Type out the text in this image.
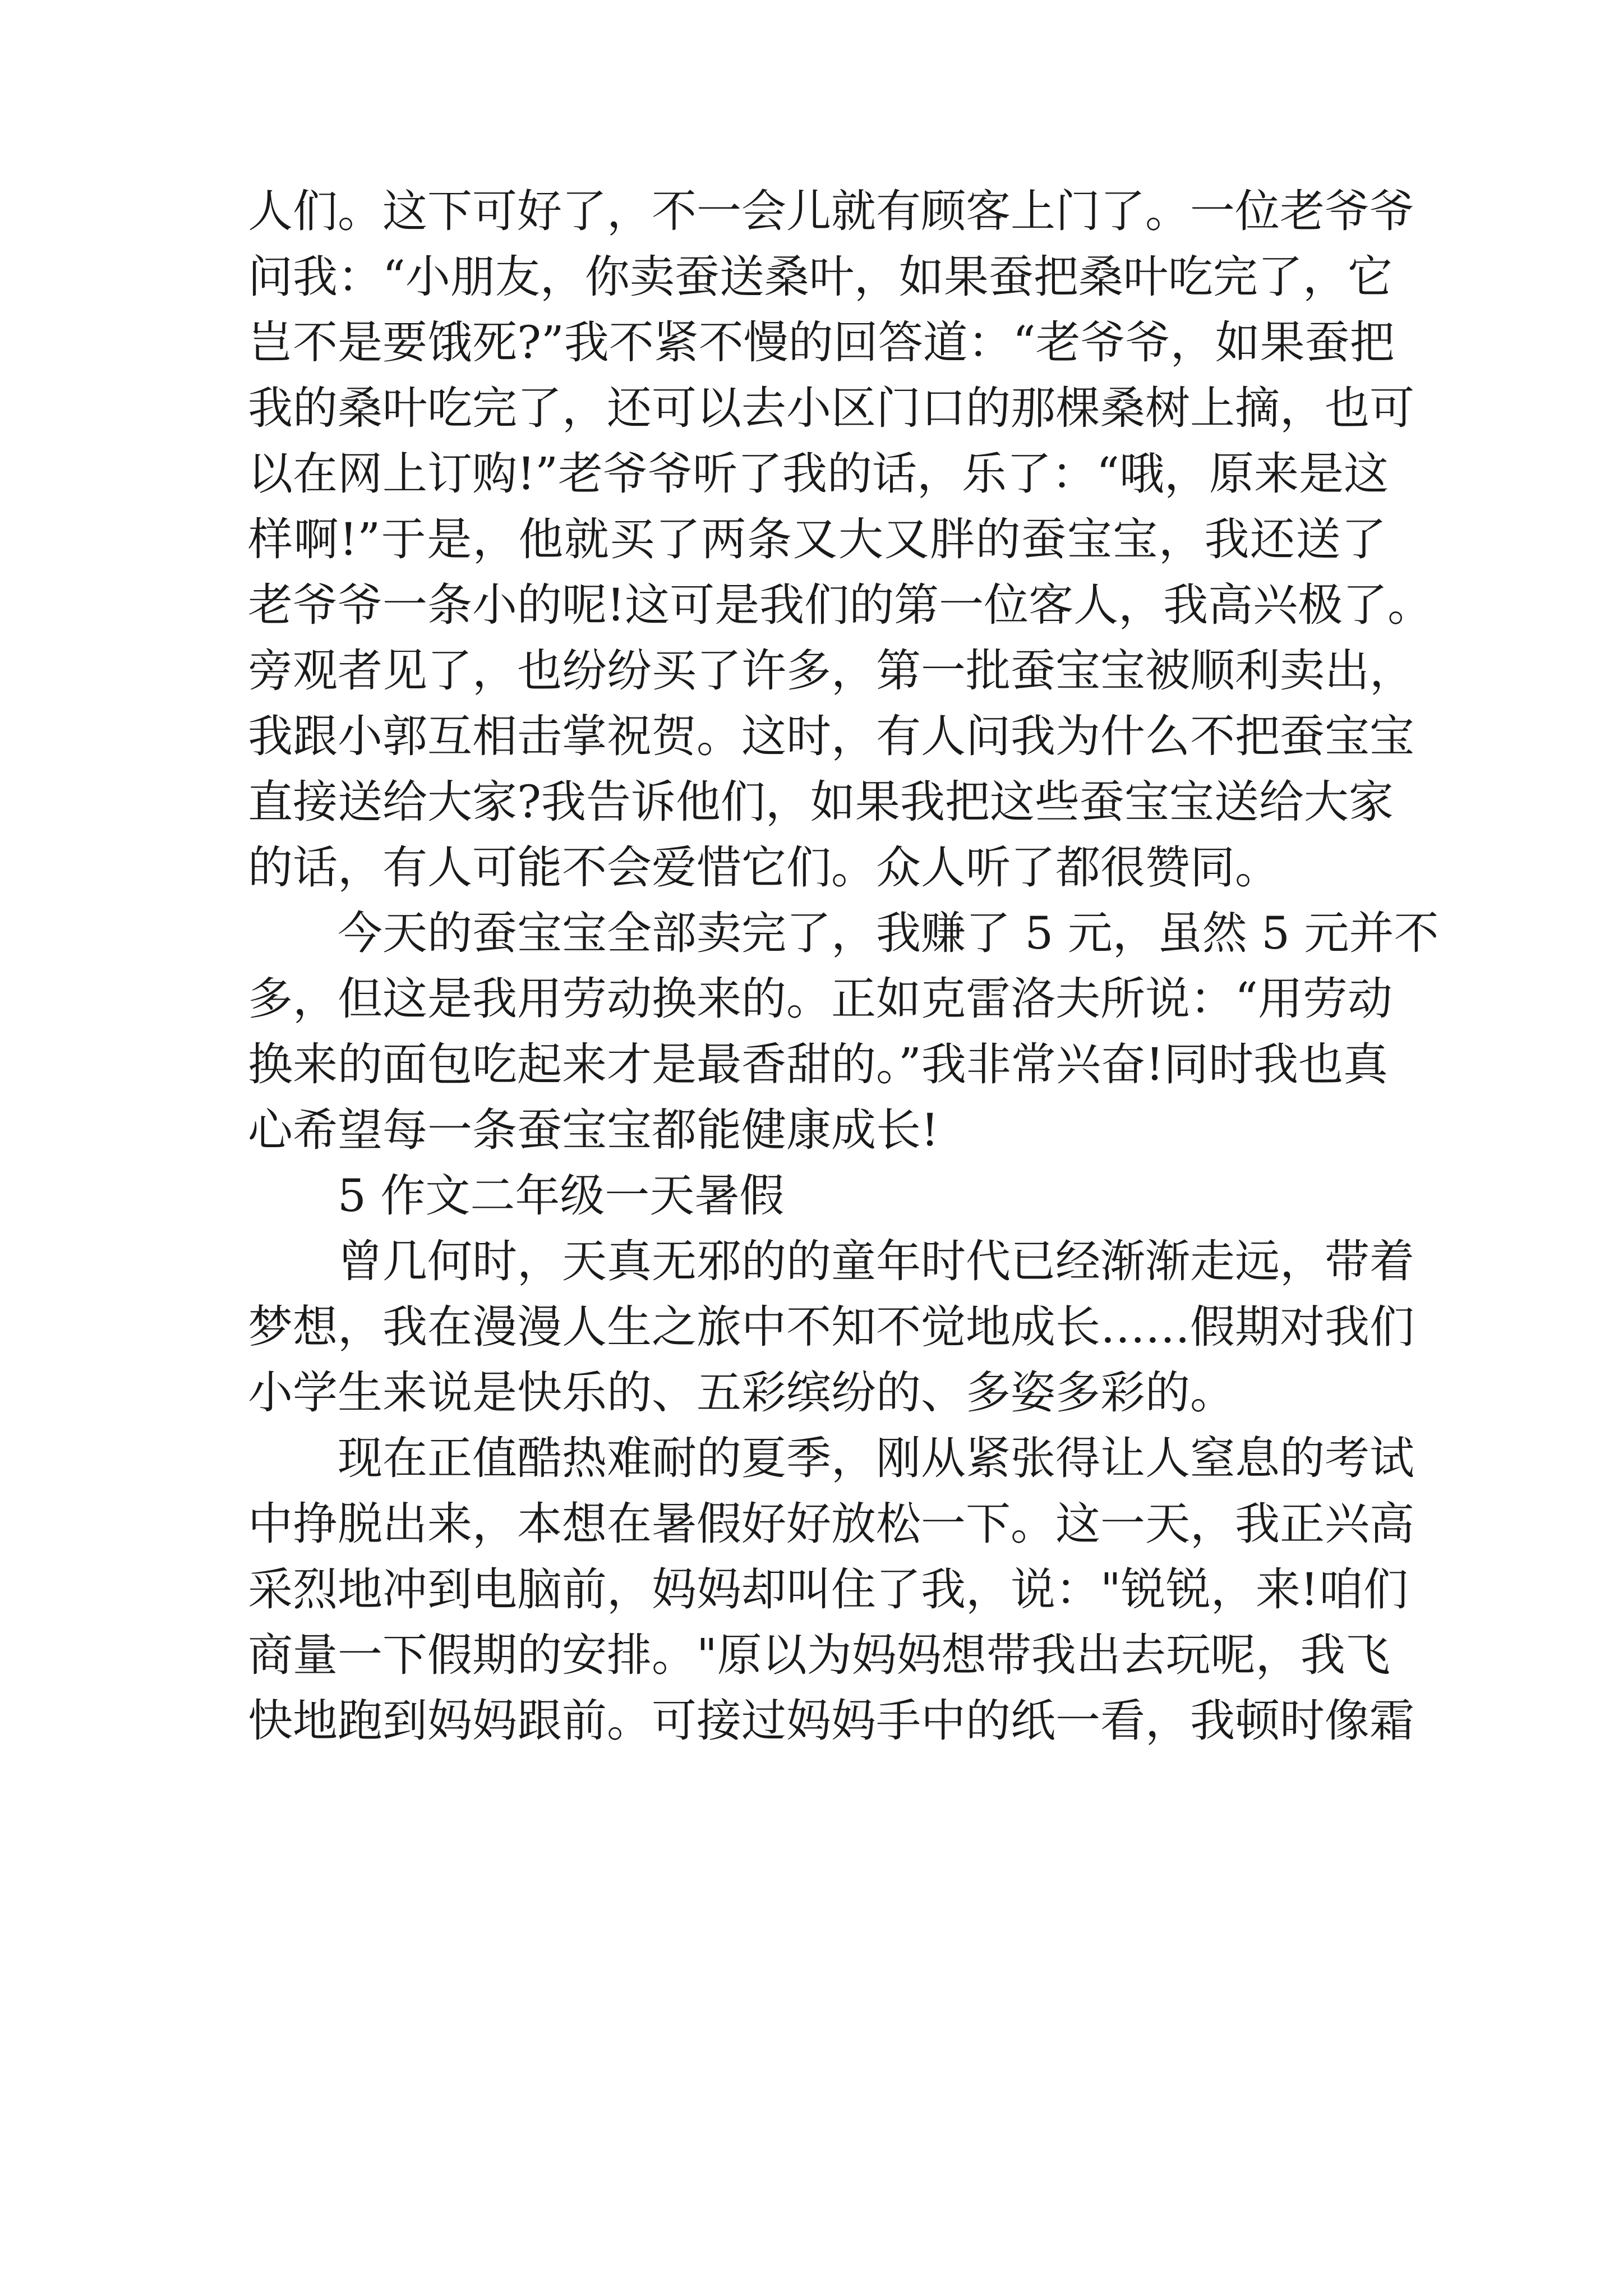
人们。这下可好了，不一会儿就有顾客上门了。一位老爷爷
问我：“小朋友，你卖蚕送桑叶，如果蚕把桑叶吃完了，它
岂不是要饿死?”我不紧不慢的回答道：“老爷爷，如果蚕把
我的桑叶吃完了，还可以去小区门口的那棵桑树上摘，也可
以在网上订购!”老爷爷听了我的话，乐了：“哦，原来是这
样啊!”于是，他就买了两条又大又胖的蚕宝宝，我还送了
老爷爷一条小的呢!这可是我们的第一位客人，我高兴极了。
旁观者见了，也纷纷买了许多，第一批蚕宝宝被顺利卖出，
我跟小郭互相击掌祝贺。这时，有人问我为什么不把蚕宝宝
直接送给大家?我告诉他们，如果我把这些蚕宝宝送给大家
的话，有人可能不会爱惜它们。众人听了都很赞同。
今天的蚕宝宝全部卖完了，我赚了 5 元，虽然 5 元并不
多，但这是我用劳动换来的。正如克雷洛夫所说：“用劳动
换来的面包吃起来才是最香甜的。”我非常兴奋!同时我也真
心希望每一条蚕宝宝都能健康成长!
5 作文二年级一天暑假
曾几何时，天真无邪的的童年时代已经渐渐走远，带着
梦想，我在漫漫人生之旅中不知不觉地成长……假期对我们
小学生来说是快乐的、五彩缤纷的、多姿多彩的。
现在正值酷热难耐的夏季，刚从紧张得让人窒息的考试
中挣脱出来，本想在暑假好好放松一下。这一天，我正兴高
采烈地冲到电脑前，妈妈却叫住了我，说："锐锐，来!咱们
商量一下假期的安排。"原以为妈妈想带我出去玩呢，我飞
快地跑到妈妈跟前。可接过妈妈手中的纸一看，我顿时像霜
